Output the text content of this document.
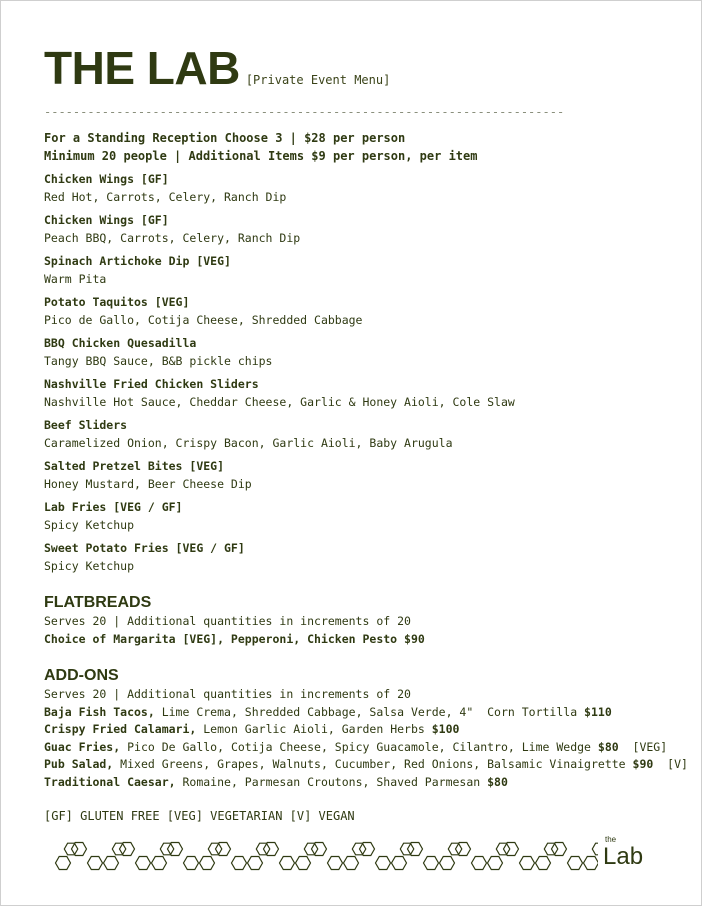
THE LAB [Private Event Menu]
------------------------------------------------------------------------

For a Standing Reception Choose 3 | $28 per person

Minimum 20 people | Additional Items $9 per person, per item

Chicken Wings [GF]
Red Hot, Carrots, Celery, Ranch Dip
Chicken Wings [GF]
Peach BBQ, Carrots, Celery, Ranch Dip
Spinach Artichoke Dip [VEG]
Warm Pita
Potato Taquitos [VEG]
Pico de Gallo, Cotija Cheese, Shredded Cabbage
BBQ Chicken Quesadilla
Tangy BBQ Sauce, B&B pickle chips
Nashville Fried Chicken Sliders
Nashville Hot Sauce, Cheddar Cheese, Garlic & Honey Aioli, Cole Slaw
Beef Sliders
Caramelized Onion, Crispy Bacon, Garlic Aioli, Baby Arugula
Salted Pretzel Bites [VEG]
Honey Mustard, Beer Cheese Dip
Lab Fries [VEG / GF]
Spicy Ketchup
Sweet Potato Fries [VEG / GF]
Spicy Ketchup
FLATBREADS
Serves 20 | Additional quantities in increments of 20
Choice of Margarita [VEG], Pepperoni, Chicken Pesto $90
ADD-ONS
Serves 20 | Additional quantities in increments of 20
Baja Fish Tacos, Lime Crema, Shredded Cabbage, Salsa Verde, 4"  Corn Tortilla $110
Crispy Fried Calamari, Lemon Garlic Aioli, Garden Herbs $100
Guac Fries, Pico De Gallo, Cotija Cheese, Spicy Guacamole, Cilantro, Lime Wedge $80  [VEG]
Pub Salad, Mixed Greens, Grapes, Walnuts, Cucumber, Red Onions, Balsamic Vinaigrette $90  [V]
Traditional Caesar, Romaine, Parmesan Croutons, Shaved Parmesan $80
[GF] GLUTEN FREE [VEG] VEGETARIAN [V] VEGAN
the
Lab
